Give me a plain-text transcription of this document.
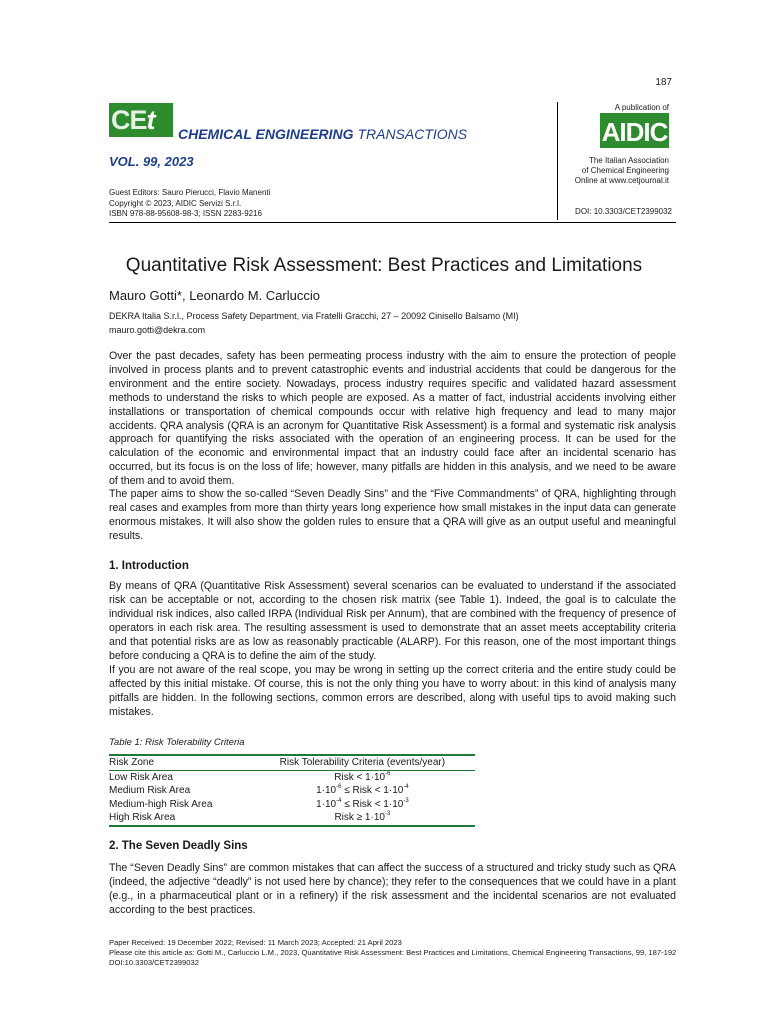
187
CEt CHEMICAL ENGINEERING TRANSACTIONS
VOL. 99, 2023
A publication of
AIDIC
The Italian Association
of Chemical Engineering
Online at www.cetjournal.it
Guest Editors: Sauro Pierucci, Flavio Manenti
Copyright © 2023, AIDIC Servizi S.r.l.
ISBN 978-88-95608-98-3; ISSN 2283-9216	DOI: 10.3303/CET2399032
Quantitative Risk Assessment: Best Practices and Limitations
Mauro Gotti*, Leonardo M. Carluccio
DEKRA Italia S.r.l., Process Safety Department, via Fratelli Gracchi, 27 – 20092 Cinisello Balsamo (MI)
mauro.gotti@dekra.com
Over the past decades, safety has been permeating process industry with the aim to ensure the protection of people involved in process plants and to prevent catastrophic events and industrial accidents that could be dangerous for the environment and the entire society. Nowadays, process industry requires specific and validated hazard assessment methods to understand the risks to which people are exposed. As a matter of fact, industrial accidents involving either installations or transportation of chemical compounds occur with relative high frequency and lead to many major accidents. QRA analysis (QRA is an acronym for Quantitative Risk Assessment) is a formal and systematic risk analysis approach for quantifying the risks associated with the operation of an engineering process. It can be used for the calculation of the economic and environmental impact that an industry could face after an incidental scenario has occurred, but its focus is on the loss of life; however, many pitfalls are hidden in this analysis, and we need to be aware of them and to avoid them.
The paper aims to show the so-called “Seven Deadly Sins” and the “Five Commandments” of QRA, highlighting through real cases and examples from more than thirty years long experience how small mistakes in the input data can generate enormous mistakes. It will also show the golden rules to ensure that a QRA will give as an output useful and meaningful results.
1. Introduction
By means of QRA (Quantitative Risk Assessment) several scenarios can be evaluated to understand if the associated risk can be acceptable or not, according to the chosen risk matrix (see Table 1). Indeed, the goal is to calculate the individual risk indices, also called IRPA (Individual Risk per Annum), that are combined with the frequency of presence of operators in each risk area. The resulting assessment is used to demonstrate that an asset meets acceptability criteria and that potential risks are as low as reasonably practicable (ALARP). For this reason, one of the most important things before conducing a QRA is to define the aim of the study.
If you are not aware of the real scope, you may be wrong in setting up the correct criteria and the entire study could be affected by this initial mistake. Of course, this is not the only thing you have to worry about: in this kind of analysis many pitfalls are hidden. In the following sections, common errors are described, along with useful tips to avoid making such mistakes.
Table 1: Risk Tolerability Criteria
Risk Zone	Risk Tolerability Criteria (events/year)
Low Risk Area	Risk < $1\cdot 10^{-6}$
Medium Risk Area	$1\cdot 10^{-6}$ ≤ Risk < $1\cdot 10^{-4}$
Medium-high Risk Area	$1\cdot 10^{-4}$ ≤ Risk < $1\cdot 10^{-3}$
High Risk Area	Risk ≥ $1\cdot 10^{-3}$
2. The Seven Deadly Sins
The “Seven Deadly Sins” are common mistakes that can affect the success of a structured and tricky study such as QRA (indeed, the adjective “deadly” is not used here by chance); they refer to the consequences that we could have in a plant (e.g., in a pharmaceutical plant or in a refinery) if the risk assessment and the incidental scenarios are not evaluated according to the best practices.
Paper Received: 19 December 2022; Revised: 11 March 2023; Accepted: 21 April 2023
Please cite this article as: Gotti M., Carluccio L.M., 2023, Quantitative Risk Assessment: Best Practices and Limitations, Chemical Engineering Transactions, 99, 187-192 DOI:10.3303/CET2399032
